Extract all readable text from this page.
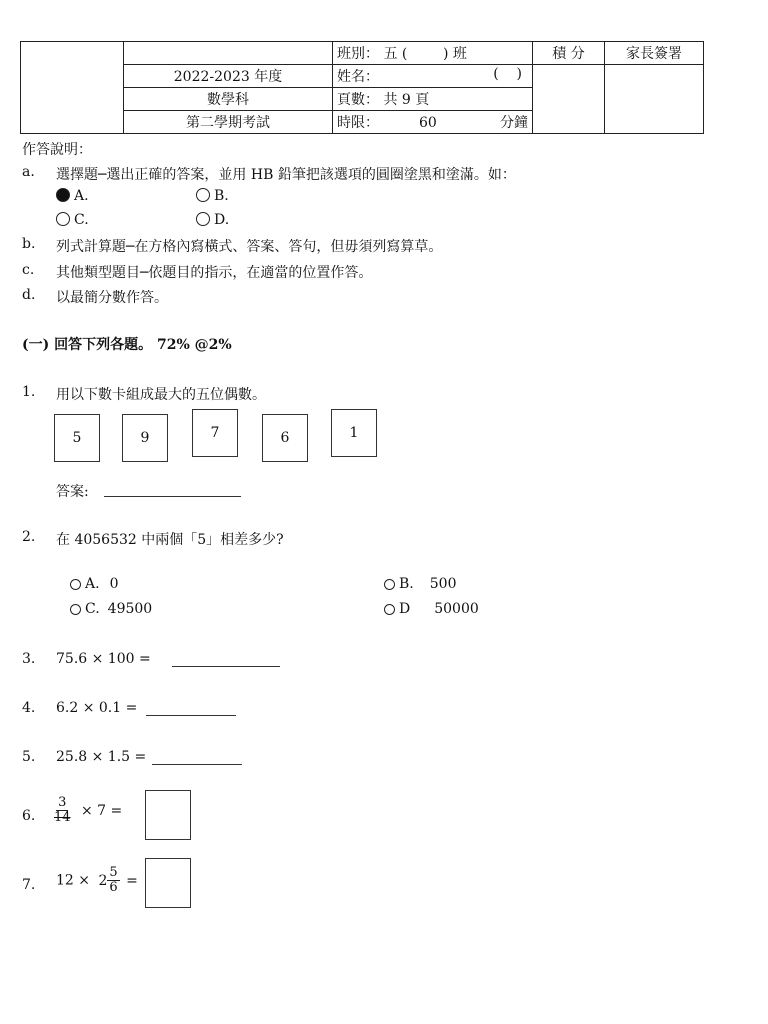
		班別： 五 (        ) 班	積 分	家長簽署
	2022-2023 年度	姓名： (    )		

	數學科	頁數： 共 9 頁		
	第二學期考試	時限： 60 分鐘		
作答說明：
a. 選擇題─選出正確的答案，並用 HB 鉛筆把該選項的圓圈塗黑和塗滿。如：
A.	B.
C.	D.
b. 列式計算題─在方格內寫橫式、答案、答句，但毋須列寫算草。
c. 其他類型題目─依題目的指示，在適當的位置作答。
d. 以最簡分數作答。
(一) 回答下列各題。 72% @2%
1. 用以下數卡組成最大的五位偶數。
5	9	7	6	1
答案:
2. 在 4056532 中兩個「5」相差多少?
A. 0	B. 500
C. 49500	D 50000
3. 75.6 × 100 =
4. 6.2 × 0.1 =
5. 25.8 × 1.5 =
6. $\frac{3}{14} \times 7$ =
7. $12 \times 2 \frac{5}{6}$ =
